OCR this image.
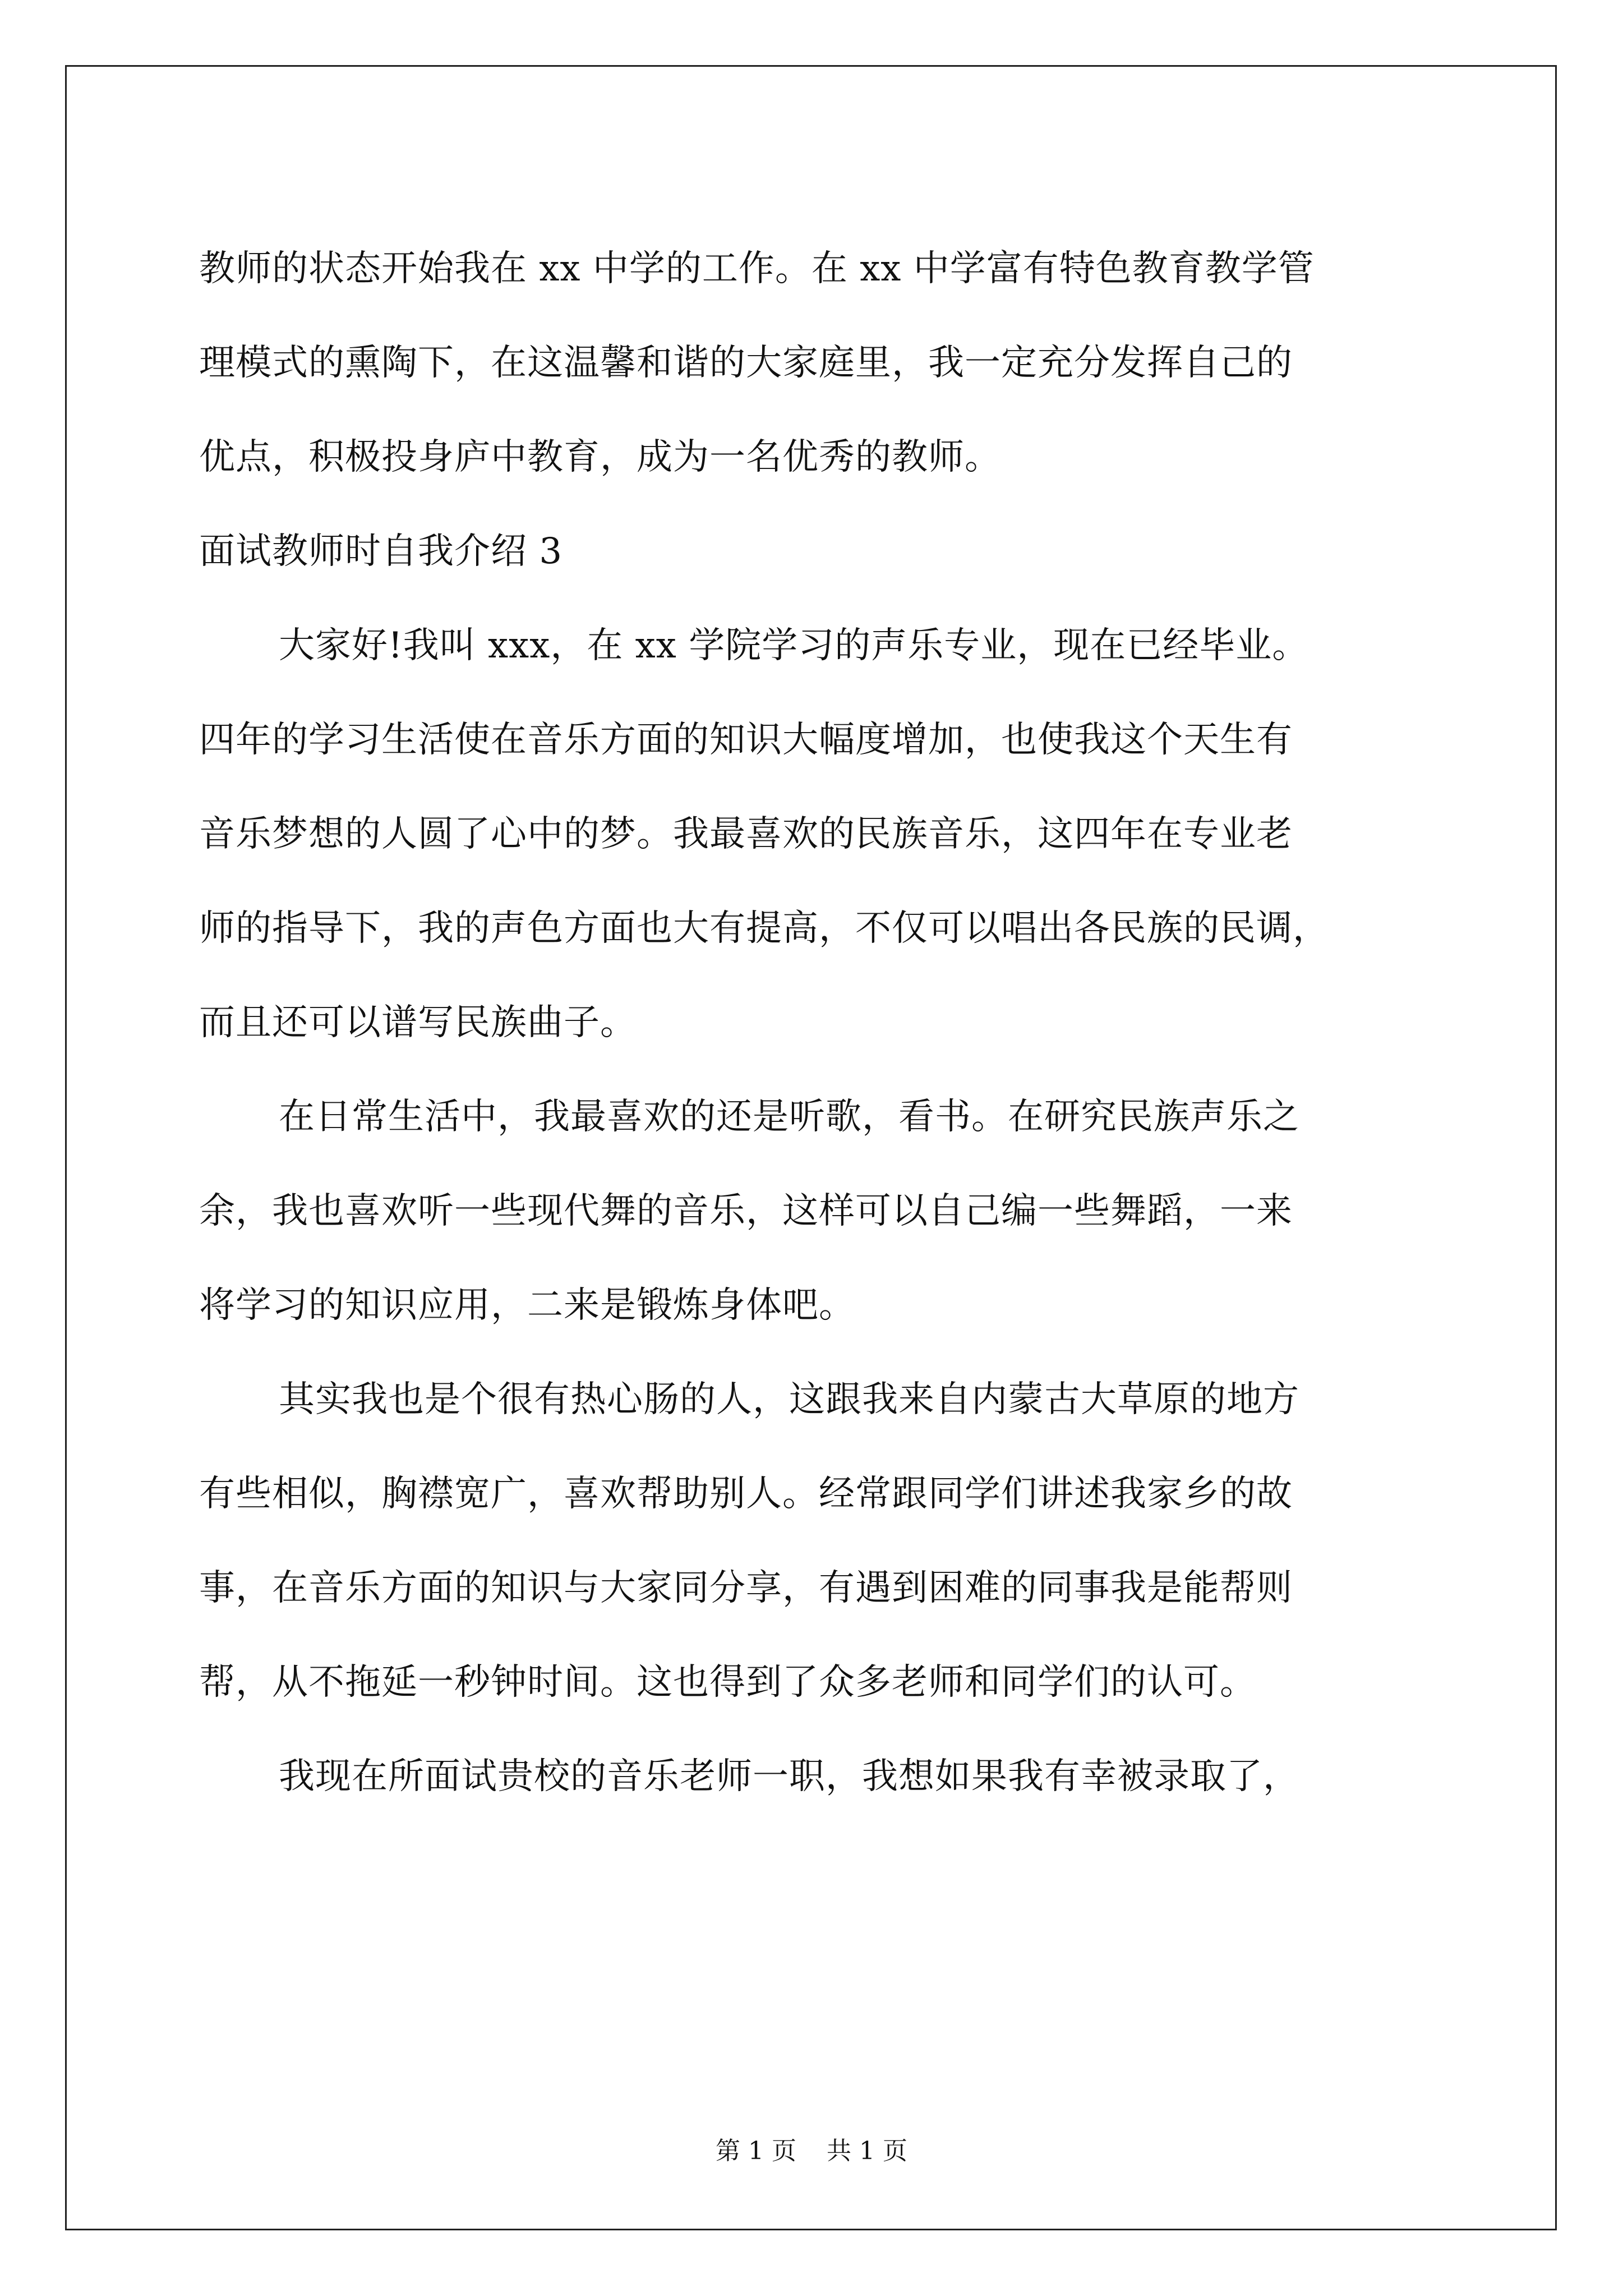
教师的状态开始我在 xx 中学的工作。在 xx 中学富有特色教育教学管
理模式的熏陶下，在这温馨和谐的大家庭里，我一定充分发挥自己的
优点，积极投身庐中教育，成为一名优秀的教师。
面试教师时自我介绍 3
大家好!我叫 xxx，在 xx 学院学习的声乐专业，现在已经毕业。
四年的学习生活使在音乐方面的知识大幅度增加，也使我这个天生有
音乐梦想的人圆了心中的梦。我最喜欢的民族音乐，这四年在专业老
师的指导下，我的声色方面也大有提高，不仅可以唱出各民族的民调，
而且还可以谱写民族曲子。
在日常生活中，我最喜欢的还是听歌，看书。在研究民族声乐之
余，我也喜欢听一些现代舞的音乐，这样可以自己编一些舞蹈，一来
将学习的知识应用，二来是锻炼身体吧。
其实我也是个很有热心肠的人，这跟我来自内蒙古大草原的地方
有些相似，胸襟宽广，喜欢帮助别人。经常跟同学们讲述我家乡的故
事，在音乐方面的知识与大家同分享，有遇到困难的同事我是能帮则
帮，从不拖延一秒钟时间。这也得到了众多老师和同学们的认可。
我现在所面试贵校的音乐老师一职，我想如果我有幸被录取了，
第 1 页 共 1 页
